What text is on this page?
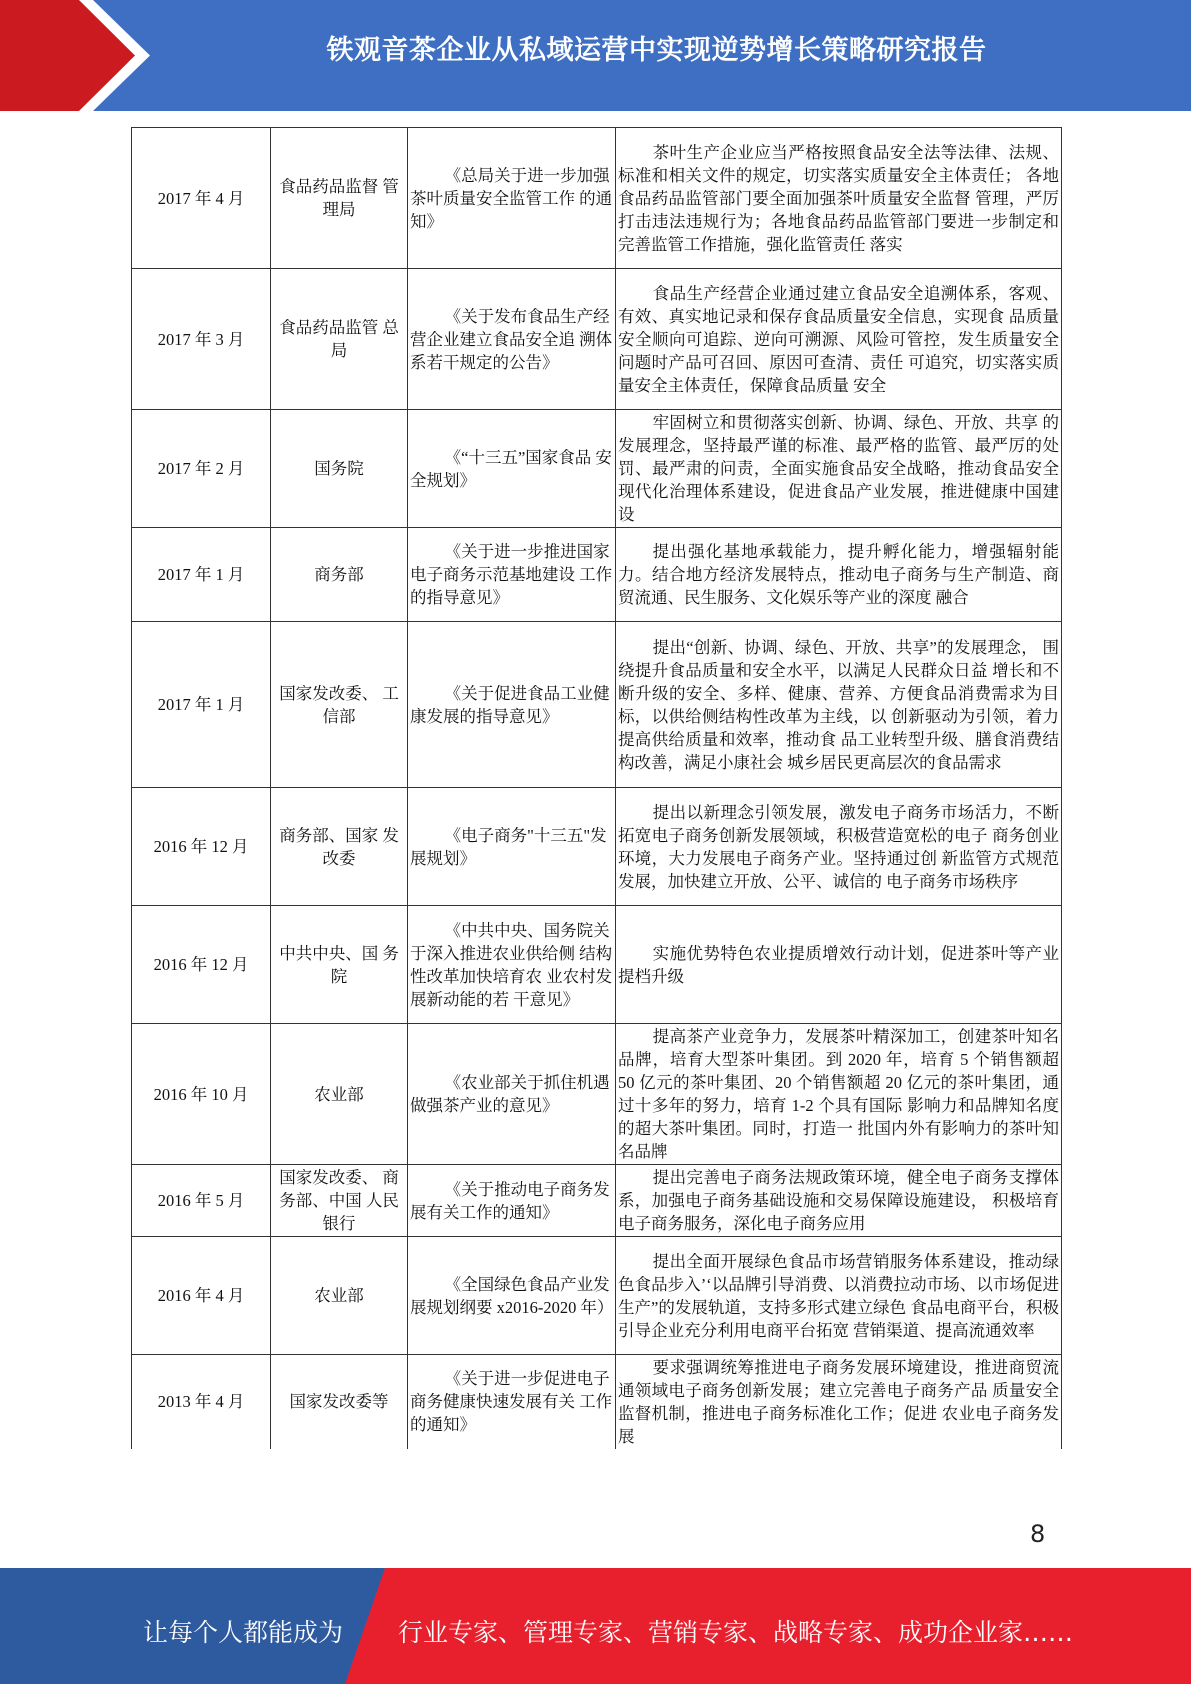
铁观音茶企业从私域运营中实现逆势增长策略研究报告
2017 年 4 月	食品药品监督 管理局	《总局关于进一步加强 茶叶质量安全监管工作 的通知》	茶叶生产企业应当严格按照食品安全法等法律、法规、 标准和相关文件的规定，切实落实质量安全主体责任； 各地食品药品监管部门要全面加强茶叶质量安全监督 管理，严厉打击违法违规行为；各地食品药品监管部门要进一步制定和完善监管工作措施，强化监管责任 落实
2017 年 3 月	食品药品监管 总局	《关于发布食品生产经 营企业建立食品安全追 溯体系若干规定的公告》	食品生产经营企业通过建立食品安全追溯体系，客观、 有效、真实地记录和保存食品质量安全信息，实现食 品质量安全顺向可追踪、逆向可溯源、风险可管控，发生质量安全问题时产品可召回、原因可查清、责任 可追究，切实落实质量安全主体责任，保障食品质量 安全
2017 年 2 月	国务院	《“十三五”国家食品 安全规划》	牢固树立和贯彻落实创新、协调、绿色、开放、共享 的发展理念，坚持最严谨的标准、最严格的监管、最严厉的处罚、最严肃的问责，全面实施食品安全战略，推动食品安全现代化治理体系建设，促进食品产业发展，推进健康中国建设
2017 年 1 月	商务部	《关于进一步推进国家 电子商务示范基地建设 工作的指导意见》	提出强化基地承载能力，提升孵化能力，增强辐射能 力。结合地方经济发展特点，推动电子商务与生产制造、商贸流通、民生服务、文化娱乐等产业的深度 融合
2017 年 1 月	国家发改委、 工信部	《关于促进食品工业健 康发展的指导意见》	提出“创新、协调、绿色、开放、共享”的发展理念， 围绕提升食品质量和安全水平，以满足人民群众日益 增长和不断升级的安全、多样、健康、营养、方便食品消费需求为目标，以供给侧结构性改革为主线，以 创新驱动为引领，着力提高供给质量和效率，推动食 品工业转型升级、膳食消费结构改善，满足小康社会 城乡居民更高层次的食品需求
2016 年 12 月	商务部、国家 发改委	《电子商务"十三五"发展规划》	提出以新理念引领发展，激发电子商务市场活力，不断拓宽电子商务创新发展领域，积极营造宽松的电子 商务创业环境，大力发展电子商务产业。坚持通过创 新监管方式规范发展，加快建立开放、公平、诚信的 电子商务市场秩序
2016 年 12 月	中共中央、国 务院	《中共中央、国务院关 于深入推进农业供给侧 结构性改革加快培育农 业农村发展新动能的若 干意见》	实施优势特色农业提质增效行动计划，促进茶叶等产业提档升级
2016 年 10 月	农业部	《农业部关于抓住机遇 做强茶产业的意见》	提高茶产业竞争力，发展茶叶精深加工，创建茶叶知名品牌，培育大型茶叶集团。到 2020 年，培育 5 个销售额超 50 亿元的茶叶集团、20 个销售额超 20 亿元的茶叶集团，通过十多年的努力，培育 1-2 个具有国际 影响力和品牌知名度的超大茶叶集团。同时，打造一 批国内外有影响力的茶叶知名品牌
2016 年 5 月	国家发改委、 商务部、中国 人民银行	《关于推动电子商务发 展有关工作的通知》	提出完善电子商务法规政策环境，健全电子商务支撑体系，加强电子商务基础设施和交易保障设施建设， 积极培育电子商务服务，深化电子商务应用
2016 年 4 月	农业部	《全国绿色食品产业发 展规划纲要 x2016-2020 年）	提出全面开展绿色食品市场营销服务体系建设，推动绿色食品步入’‘以品牌引导消费、以消费拉动市场、以市场促进生产”的发展轨道，支持多形式建立绿色 食品电商平台，积极引导企业充分利用电商平台拓宽 营销渠道、提高流通效率
2013 年 4 月	国家发改委等	《关于进一步促进电子 商务健康快速发展有关 工作的通知》	要求强调统筹推进电子商务发展环境建设，推进商贸流通领域电子商务创新发展；建立完善电子商务产品 质量安全监督机制，推进电子商务标准化工作；促进 农业电子商务发展
8
让每个人都能成为 行业专家、管理专家、营销专家、战略专家、成功企业家……
